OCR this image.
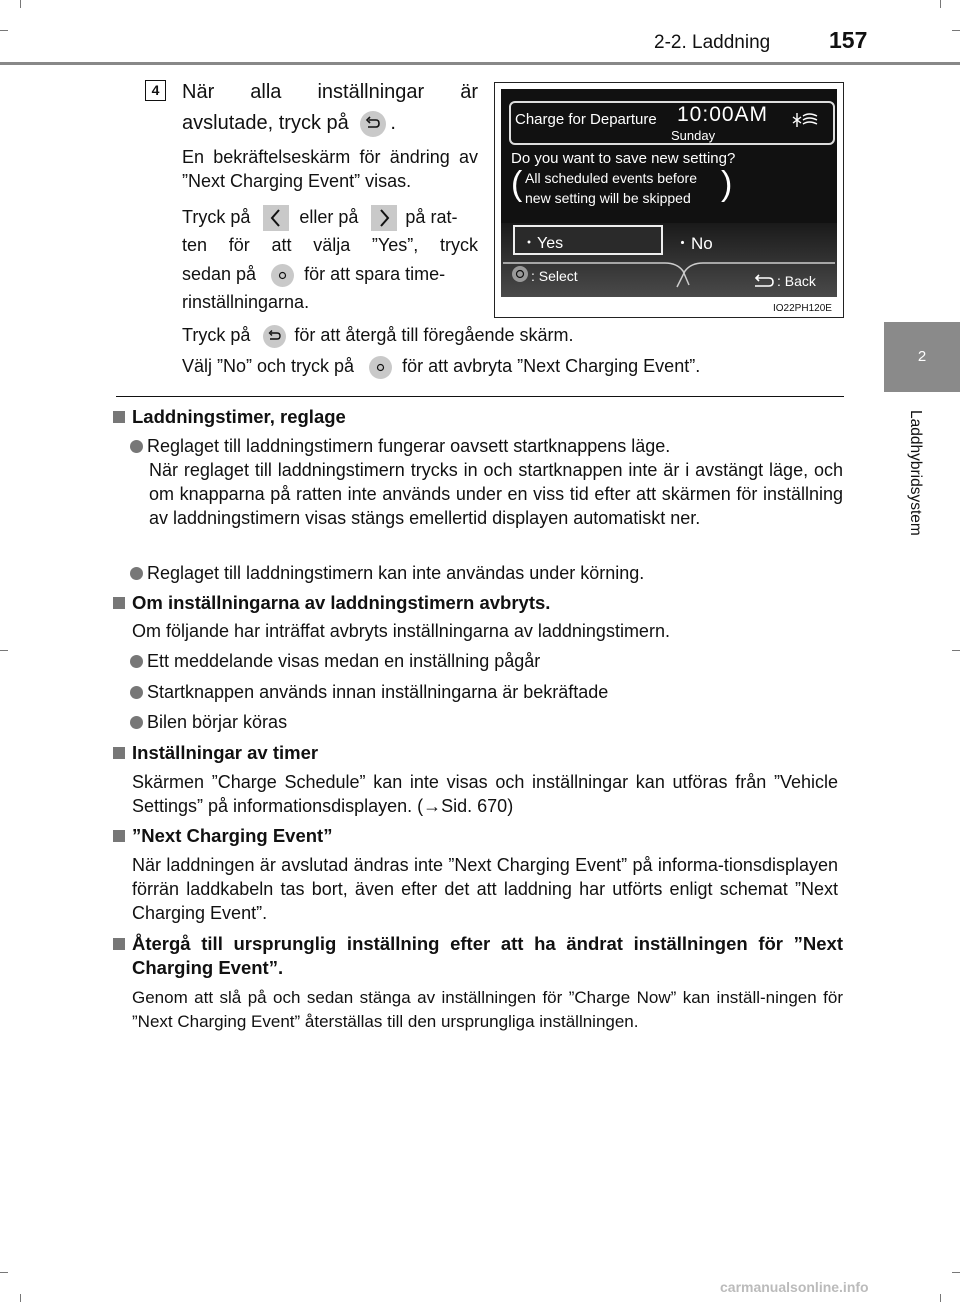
2-2. Laddning	157
2
Laddhybridsystem
4	När alla inställningar är

avslutade, tryck på .

En bekräftelseskärm för ändring av ”Next Charging Event” visas.

Tryck på	eller på	på rat-

ten för att välja ”Yes”, tryck

sedan på	för att spara time-

rinställningarna.

Tryck på för att återgå till föregående skärm.

Välj ”No” och tryck på	för att avbryta ”Next Charging Event”.

Charge for Departure 10:00AM
Sunday
Do you want to save new setting?
( All scheduled events before
new setting will be skipped )
・Yes	・No
: Select	: Back
IO22PH120E

Laddningstimer, reglage

Reglaget till laddningstimern fungerar oavsett startknappens läge.

När reglaget till laddningstimern trycks in och startknappen inte är i avstängt läge, och om knapparna på ratten inte används under en viss tid efter att skärmen för inställning av laddningstimern visas stängs emellertid displayen automatiskt ner.

Reglaget till laddningstimern kan inte användas under körning.

Om inställningarna av laddningstimern avbryts.

Om följande har inträffat avbryts inställningarna av laddningstimern.

Ett meddelande visas medan en inställning pågår

Startknappen används innan inställningarna är bekräftade

Bilen börjar köras

Inställningar av timer

Skärmen ”Charge Schedule” kan inte visas och inställningar kan utföras från ”Vehicle Settings” på informationsdisplayen. (→Sid. 670)

”Next Charging Event”

När laddningen är avslutad ändras inte ”Next Charging Event” på informa-tionsdisplayen förrän laddkabeln tas bort, även efter det att laddning har utförts enligt schemat ”Next Charging Event”.

Återgå till ursprunglig inställning efter att ha ändrat inställningen för ”Next Charging Event”.

Genom att slå på och sedan stänga av inställningen för ”Charge Now” kan inställ-ningen för ”Next Charging Event” återställas till den ursprungliga inställningen.

carmanualsonline.info
